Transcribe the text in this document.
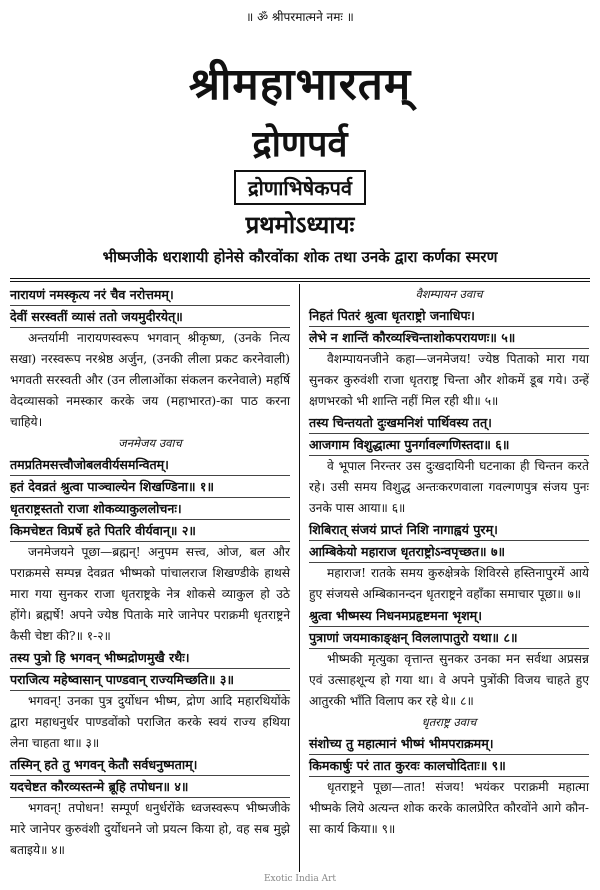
॥ ॐ श्रीपरमात्मने नमः ॥
श्रीमहाभारतम्
द्रोणपर्व
द्रोणाभिषेकपर्व
प्रथमोऽध्यायः
भीष्मजीके धराशायी होनेसे कौरवोंका शोक तथा उनके द्वारा कर्णका स्मरण

नारायणं नमस्कृत्य नरं चैव नरोत्तमम्।

देवीं सरस्वतीं व्यासं ततो जयमुदीरयेत्॥

अन्तर्यामी नारायणस्वरूप भगवान् श्रीकृष्ण, (उनके नित्य सखा) नरस्वरूप नरश्रेष्ठ अर्जुन, (उनकी लीला प्रकट करनेवाली) भगवती सरस्वती और (उन लीलाओंका संकलन करनेवाले) महर्षि वेदव्यासको नमस्कार करके जय (महाभारत)-का पाठ करना चाहिये।

जनमेजय उवाच

तमप्रतिमसत्त्वौजोबलवीर्यसमन्वितम्।

हतं देवव्रतं श्रुत्वा पाञ्चाल्येन शिखण्डिना॥ १॥

धृतराष्ट्रस्ततो राजा शोकव्याकुललोचनः।

किमचेष्टत विप्रर्षे हते पितरि वीर्यवान्॥ २॥

जनमेजयने पूछा—ब्रह्मन्! अनुपम सत्त्व, ओज, बल और पराक्रमसे सम्पन्न देवव्रत भीष्मको पांचालराज शिखण्डीके हाथसे मारा गया सुनकर राजा धृतराष्ट्रके नेत्र शोकसे व्याकुल हो उठे होंगे। ब्रह्मर्षे! अपने ज्येष्ठ पिताके मारे जानेपर पराक्रमी धृतराष्ट्रने कैसी चेष्टा की?॥ १-२॥

तस्य पुत्रो हि भगवन् भीष्मद्रोणमुखै रथैः।

पराजित्य महेष्वासान् पाण्डवान् राज्यमिच्छति॥ ३॥

भगवन्! उनका पुत्र दुर्योधन भीष्म, द्रोण आदि महारथियोंके द्वारा महाधनुर्धर पाण्डवोंको पराजित करके स्वयं राज्य हथिया लेना चाहता था॥ ३॥

तस्मिन् हते तु भगवन् केतौ सर्वधनुष्मताम्।

यदचेष्टत कौरव्यस्तन्मे ब्रूहि तपोधन॥ ४॥

भगवन्! तपोधन! सम्पूर्ण धनुर्धरोंके ध्वजस्वरूप भीष्मजीके मारे जानेपर कुरुवंशी दुर्योधनने जो प्रयत्न किया हो, वह सब मुझे बताइये॥ ४॥

वैशम्पायन उवाच

निहतं पितरं श्रुत्वा धृतराष्ट्रो जनाधिपः।

लेभे न शान्तिं कौरव्यश्चिन्ताशोकपरायणः॥ ५॥

वैशम्पायनजीने कहा—जनमेजय! ज्येष्ठ पिताको मारा गया सुनकर कुरुवंशी राजा धृतराष्ट्र चिन्ता और शोकमें डूब गये। उन्हें क्षणभरको भी शान्ति नहीं मिल रही थी॥ ५॥

तस्य चिन्तयतो दुःखमनिशं पार्थिवस्य तत्।

आजगाम विशुद्धात्मा पुनर्गावल्गणिस्तदा॥ ६॥

वे भूपाल निरन्तर उस दुःखदायिनी घटनाका ही चिन्तन करते रहे। उसी समय विशुद्ध अन्तःकरणवाला गवल्गणपुत्र संजय पुनः उनके पास आया॥ ६॥

शिबिरात् संजयं प्राप्तं निशि नागाह्वयं पुरम्।

आम्बिकेयो महाराज धृतराष्ट्रोऽन्वपृच्छत॥ ७॥

महाराज! रातके समय कुरुक्षेत्रके शिविरसे हस्तिनापुरमें आये हुए संजयसे अम्बिकानन्दन धृतराष्ट्रने वहाँका समाचार पूछा॥ ७॥

श्रुत्वा भीष्मस्य निधनमप्रहृष्टमना भृशम्।

पुत्राणां जयमाकाङ्क्षन् विललापातुरो यथा॥ ८॥

भीष्मकी मृत्युका वृत्तान्त सुनकर उनका मन सर्वथा अप्रसन्न एवं उत्साहशून्य हो गया था। वे अपने पुत्रोंकी विजय चाहते हुए आतुरकी भाँति विलाप कर रहे थे॥ ८॥

धृतराष्ट्र उवाच

संशोच्य तु महात्मानं भीष्मं भीमपराक्रमम्।

किमकार्षुः परं तात कुरवः कालचोदिताः॥ ९॥

धृतराष्ट्रने पूछा—तात! संजय! भयंकर पराक्रमी महात्मा भीष्मके लिये अत्यन्त शोक करके कालप्रेरित कौरवोंने आगे कौन-सा कार्य किया॥ ९॥

Exotic India Art
